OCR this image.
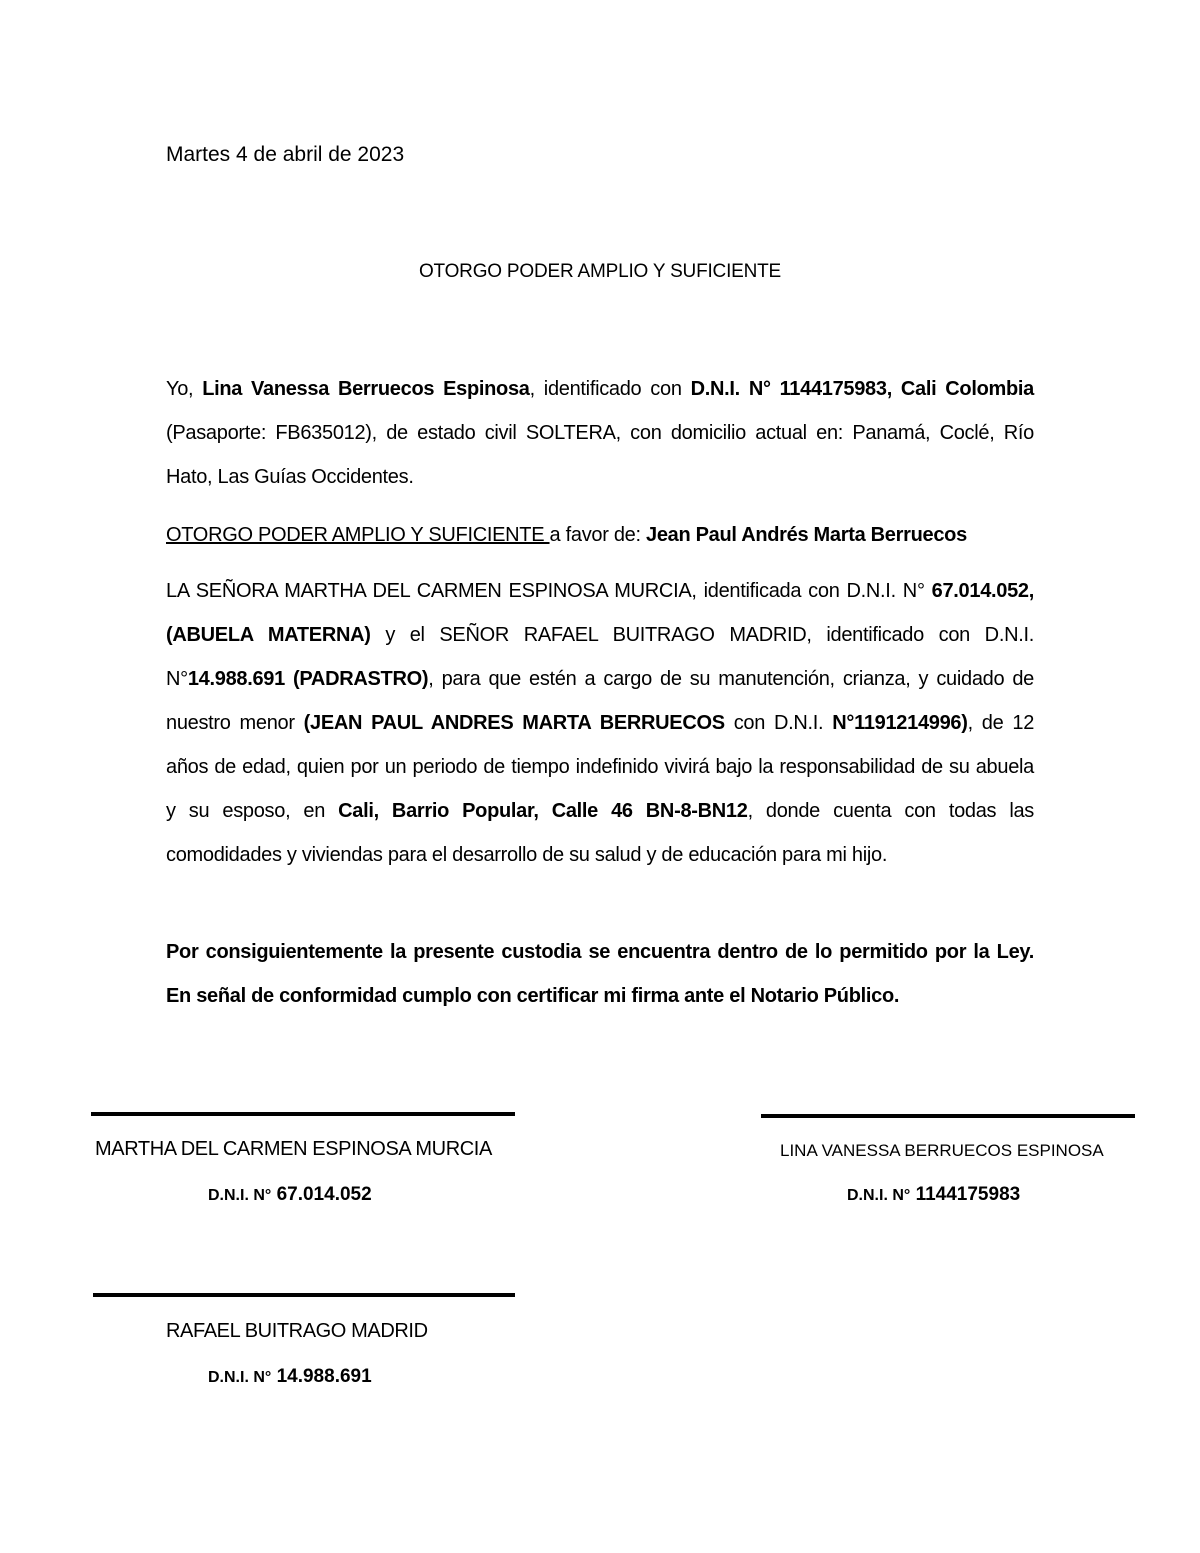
Martes 4 de abril de 2023
OTORGO PODER AMPLIO Y SUFICIENTE
Yo, Lina Vanessa Berruecos Espinosa, identificado con D.N.I. N° 1144175983, Cali Colombia (Pasaporte: FB635012), de estado civil SOLTERA, con domicilio actual en: Panamá, Coclé, Río Hato, Las Guías Occidentes.
OTORGO PODER AMPLIO Y SUFICIENTE a favor de: Jean Paul Andrés Marta Berruecos
LA SEÑORA MARTHA DEL CARMEN ESPINOSA MURCIA, identificada con D.N.I. N° 67.014.052, (ABUELA MATERNA) y el SEÑOR RAFAEL BUITRAGO MADRID, identificado con D.N.I. N°14.988.691 (PADRASTRO), para que estén a cargo de su manutención, crianza, y cuidado de nuestro menor (JEAN PAUL ANDRES MARTA BERRUECOS con D.N.I. N°1191214996), de 12 años de edad, quien por un periodo de tiempo indefinido vivirá bajo la responsabilidad de su abuela y su esposo, en Cali, Barrio Popular, Calle 46 BN-8-BN12, donde cuenta con todas las comodidades y viviendas para el desarrollo de su salud y de educación para mi hijo.
Por consiguientemente la presente custodia se encuentra dentro de lo permitido por la Ley. En señal de conformidad cumplo con certificar mi firma ante el Notario Público.
MARTHA DEL CARMEN ESPINOSA MURCIA
D.N.I. N° 67.014.052
LINA VANESSA BERRUECOS ESPINOSA
D.N.I. N° 1144175983
RAFAEL BUITRAGO MADRID
D.N.I. N° 14.988.691
